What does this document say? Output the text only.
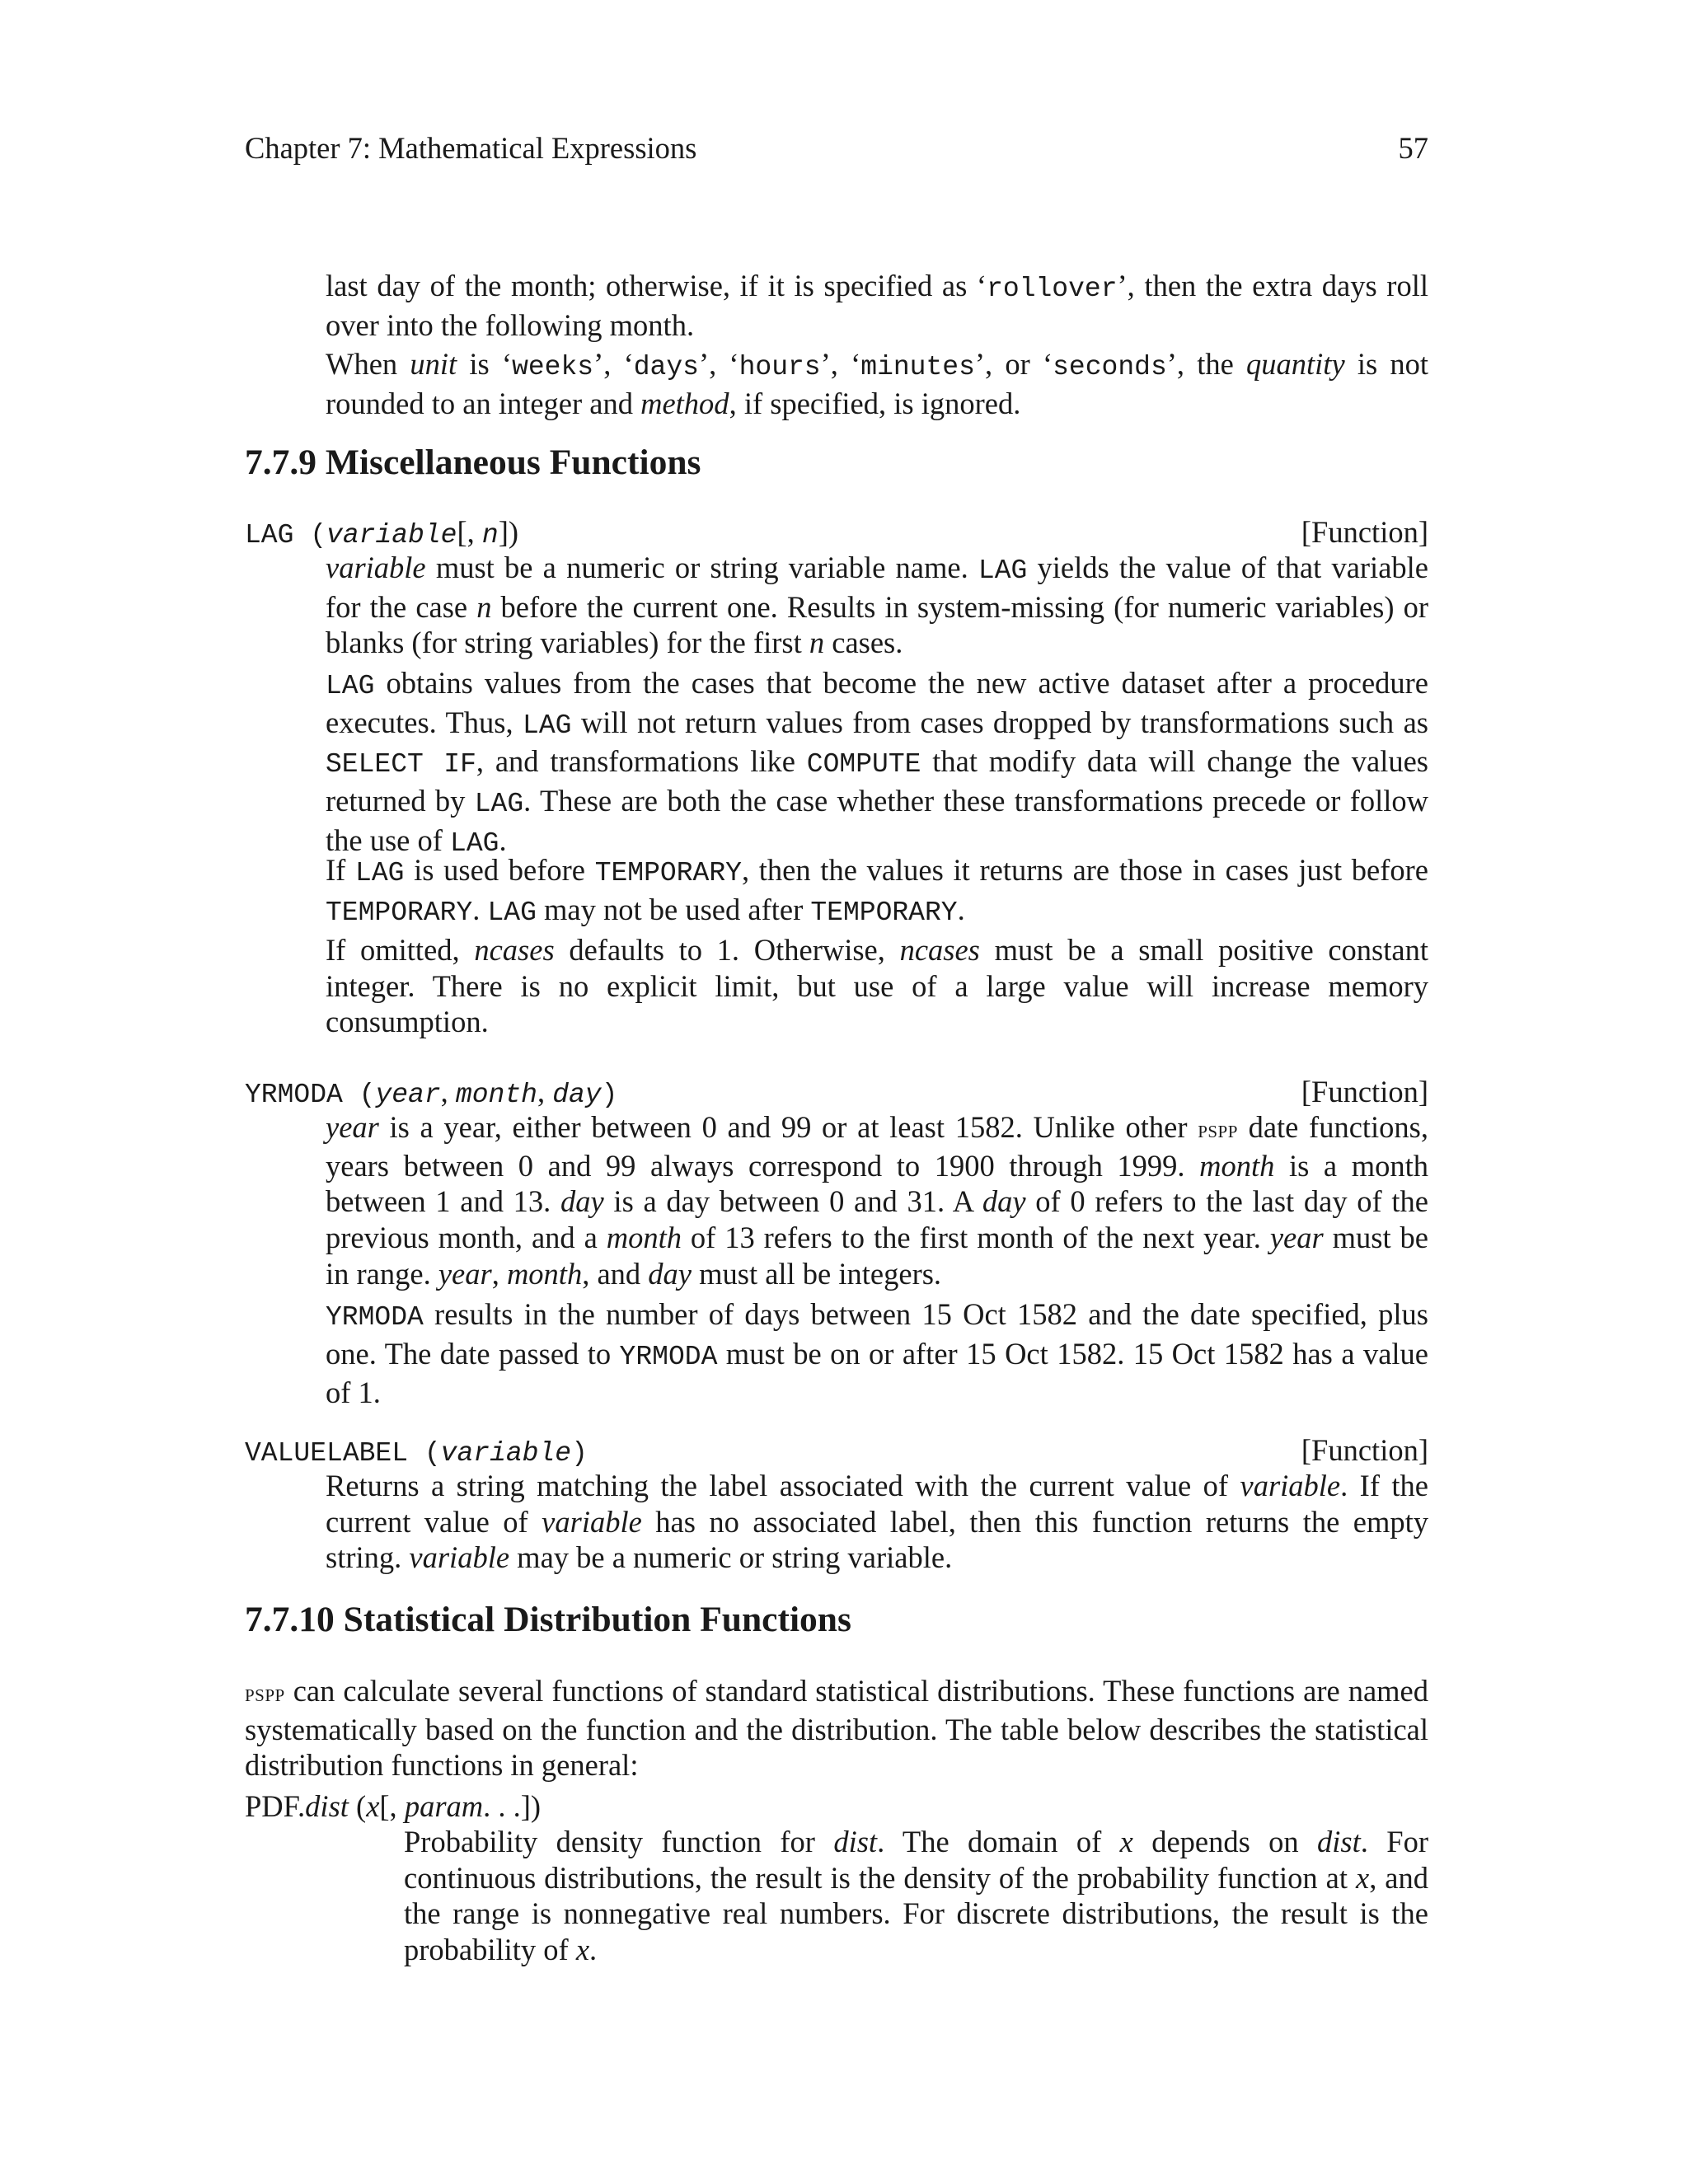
Chapter 7: Mathematical Expressions	57

last day of the month; otherwise, if it is specified as ‘rollover’, then the extra days roll over into the following month.

When unit is ‘weeks’, ‘days’, ‘hours’, ‘minutes’, or ‘seconds’, the quantity is not rounded to an integer and method, if specified, is ignored.

7.7.9 Miscellaneous Functions
LAG (variable[, n])	[Function]

variable must be a numeric or string variable name. LAG yields the value of that variable for the case n before the current one. Results in system-missing (for numeric variables) or blanks (for string variables) for the first n cases.

LAG obtains values from the cases that become the new active dataset after a procedure executes. Thus, LAG will not return values from cases dropped by transformations such as SELECT IF, and transformations like COMPUTE that modify data will change the values returned by LAG. These are both the case whether these transformations precede or follow the use of LAG.

If LAG is used before TEMPORARY, then the values it returns are those in cases just before TEMPORARY. LAG may not be used after TEMPORARY.

If omitted, ncases defaults to 1. Otherwise, ncases must be a small positive constant integer. There is no explicit limit, but use of a large value will increase memory consumption.

YRMODA (year, month, day)	[Function]

year is a year, either between 0 and 99 or at least 1582. Unlike other pspp date functions, years between 0 and 99 always correspond to 1900 through 1999. month is a month between 1 and 13. day is a day between 0 and 31. A day of 0 refers to the last day of the previous month, and a month of 13 refers to the first month of the next year. year must be in range. year, month, and day must all be integers.

YRMODA results in the number of days between 15 Oct 1582 and the date specified, plus one. The date passed to YRMODA must be on or after 15 Oct 1582. 15 Oct 1582 has a value of 1.

VALUELABEL (variable)	[Function]

Returns a string matching the label associated with the current value of variable. If the current value of variable has no associated label, then this function returns the empty string. variable may be a numeric or string variable.

7.7.10 Statistical Distribution Functions

pspp can calculate several functions of standard statistical distributions. These functions are named systematically based on the function and the distribution. The table below describes the statistical distribution functions in general:

PDF.dist (x[, param. . .])

Probability density function for dist. The domain of x depends on dist. For continuous distributions, the result is the density of the probability function at x, and the range is nonnegative real numbers. For discrete distributions, the result is the probability of x.
